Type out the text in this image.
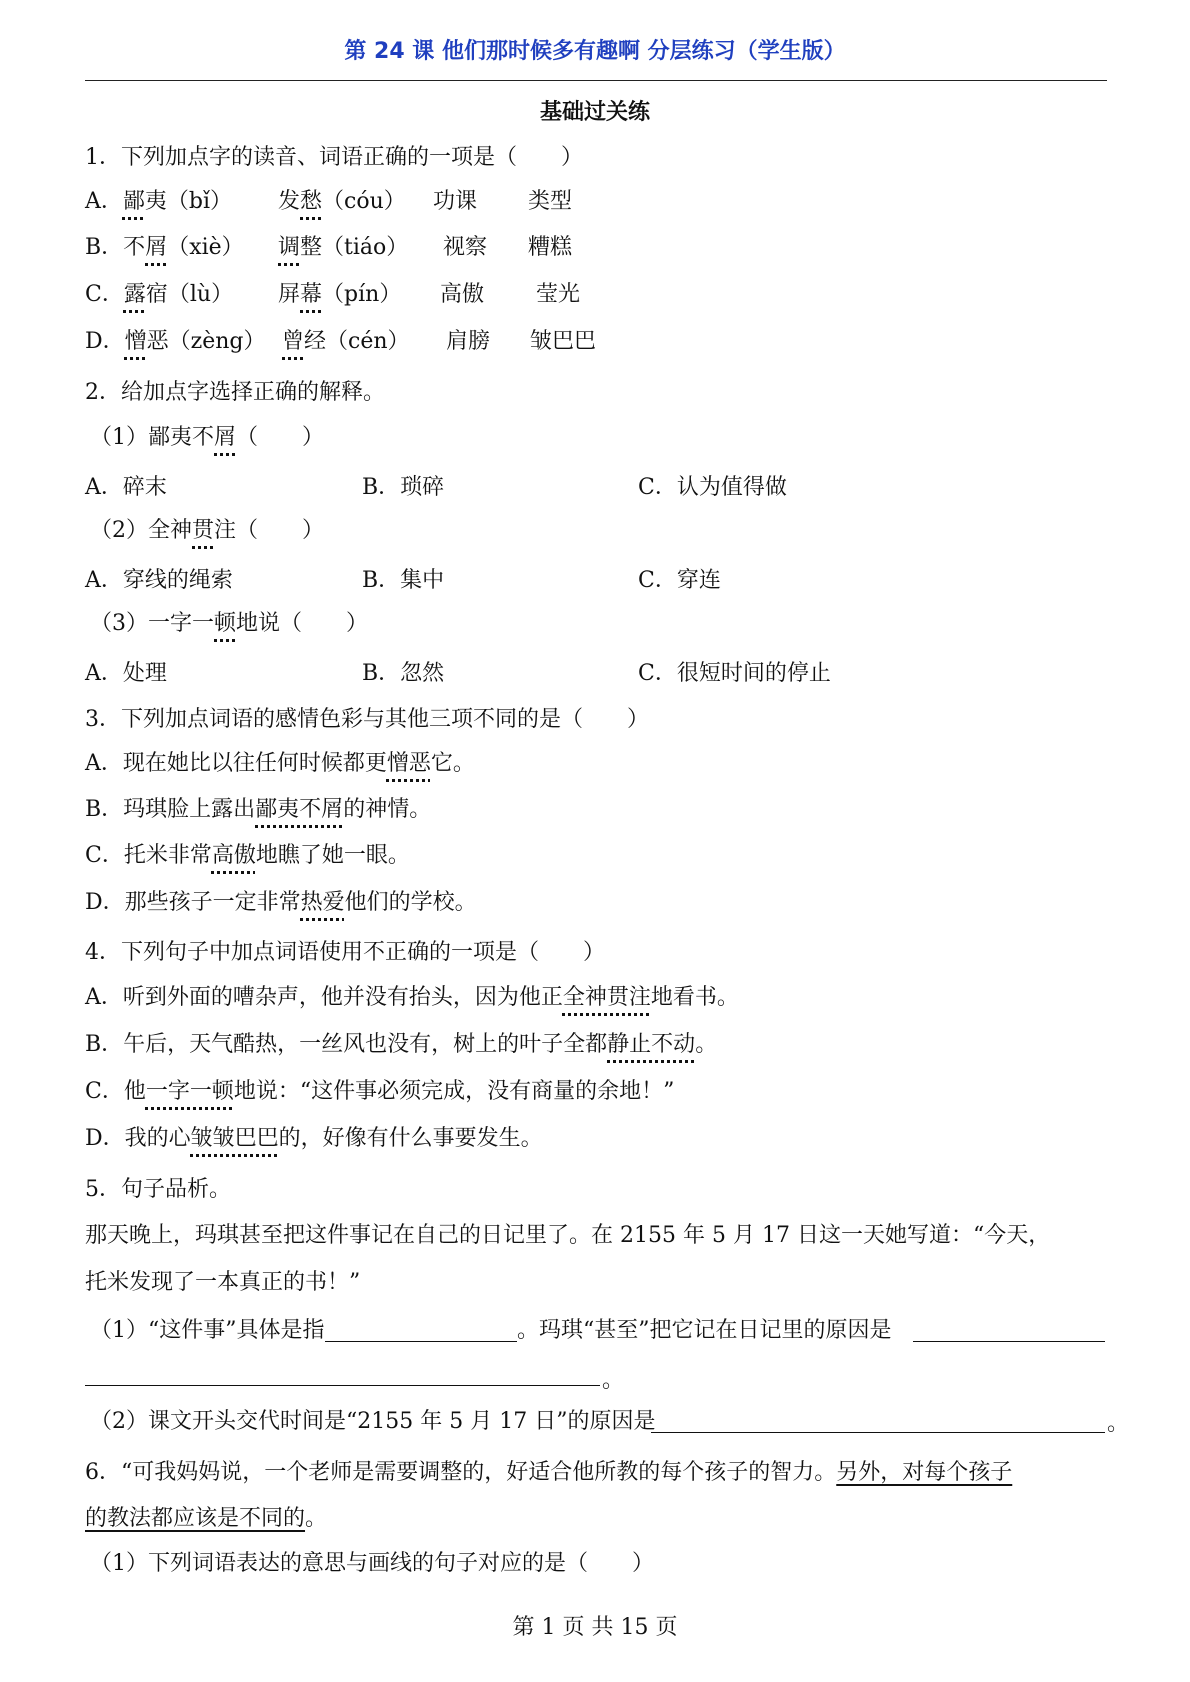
第 24 课 他们那时候多有趣啊 分层练习（学生版）
基础过关练
1．下列加点字的读音、词语正确的一项是（　　）
A．鄙夷（bǐ） 发愁（cóu） 功课 类型
B．不屑（xiè） 调整（tiáo） 视察 糟糕
C．露宿（lù） 屏幕（pín） 高傲 莹光
D．憎恶（zèng） 曾经（cén） 肩膀 皱巴巴
2．给加点字选择正确的解释。
（1）鄙夷不屑（　　）
A．碎末	B．琐碎	C．认为值得做
（2）全神贯注（　　）
A．穿线的绳索	B．集中	C．穿连
（3）一字一顿地说（　　）
A．处理	B．忽然	C．很短时间的停止
3．下列加点词语的感情色彩与其他三项不同的是（　　）
A．现在她比以往任何时候都更憎恶它。
B．玛琪脸上露出鄙夷不屑的神情。
C．托米非常高傲地瞧了她一眼。
D．那些孩子一定非常热爱他们的学校。
4．下列句子中加点词语使用不正确的一项是（　　）
A．听到外面的嘈杂声，他并没有抬头，因为他正全神贯注地看书。
B．午后，天气酷热，一丝风也没有，树上的叶子全都静止不动。
C．他一字一顿地说：“这件事必须完成，没有商量的余地！”
D．我的心皱皱巴巴的，好像有什么事要发生。
5．句子品析。
那天晚上，玛琪甚至把这件事记在自己的日记里了。在 2155 年 5 月 17 日这一天她写道：“今天，
托米发现了一本真正的书！”
（1）“这件事”具体是指	。玛琪“甚至”把它记在日记里的原因是
。
（2）课文开头交代时间是“2155 年 5 月 17 日”的原因是	。
6．“可我妈妈说，一个老师是需要调整的，好适合他所教的每个孩子的智力。另外，对每个孩子
的教法都应该是不同的。
（1）下列词语表达的意思与画线的句子对应的是（　　）
第 1 页 共 15 页
